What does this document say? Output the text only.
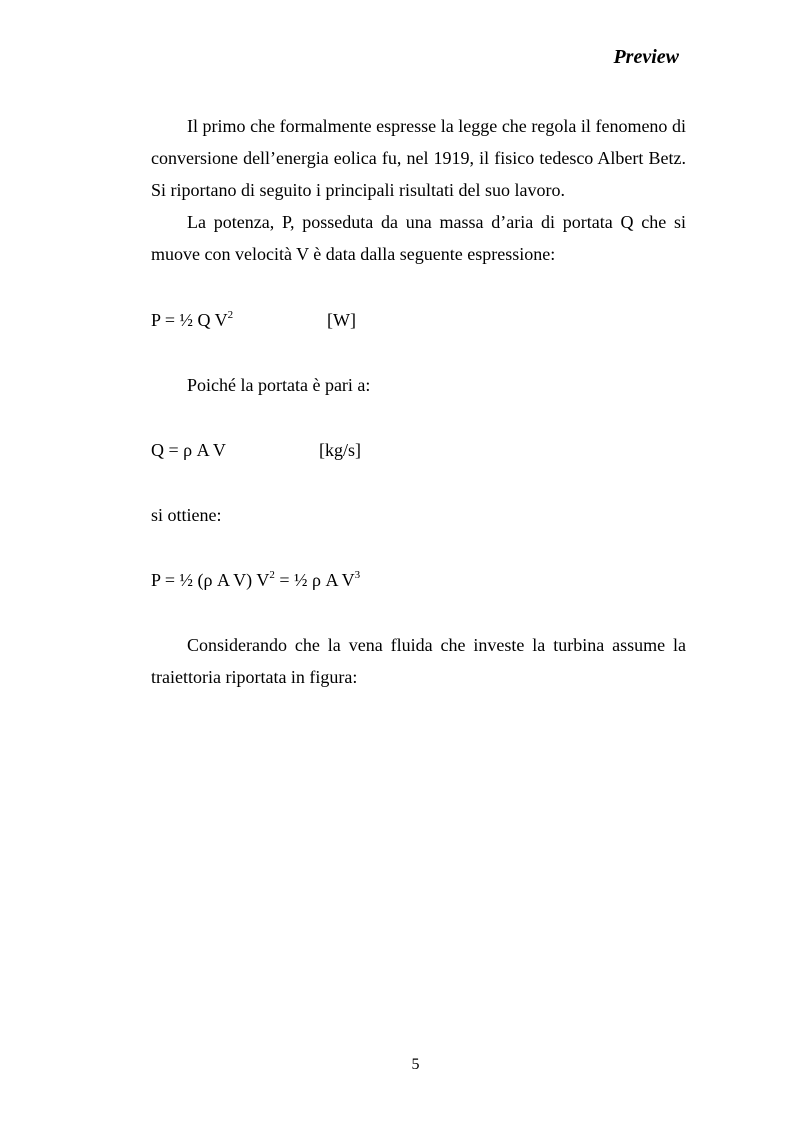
Preview

Il primo che formalmente espresse la legge che regola il fenomeno di conversione dell’energia eolica fu, nel 1919, il fisico tedesco Albert Betz. Si riportano di seguito i principali risultati del suo lavoro.

La potenza, P, posseduta da una massa d’aria di portata Q che si muove con velocità V è data dalla seguente espressione:

P = ½ Q $V^2$	[W]

Poiché la portata è pari a:

Q = ρ A V	[kg/s]

si ottiene:

P = ½ (ρ A V) $V^2$ = ½ ρ A $V^3$

Considerando che la vena fluida che investe la turbina assume la traiettoria riportata in figura:

5
